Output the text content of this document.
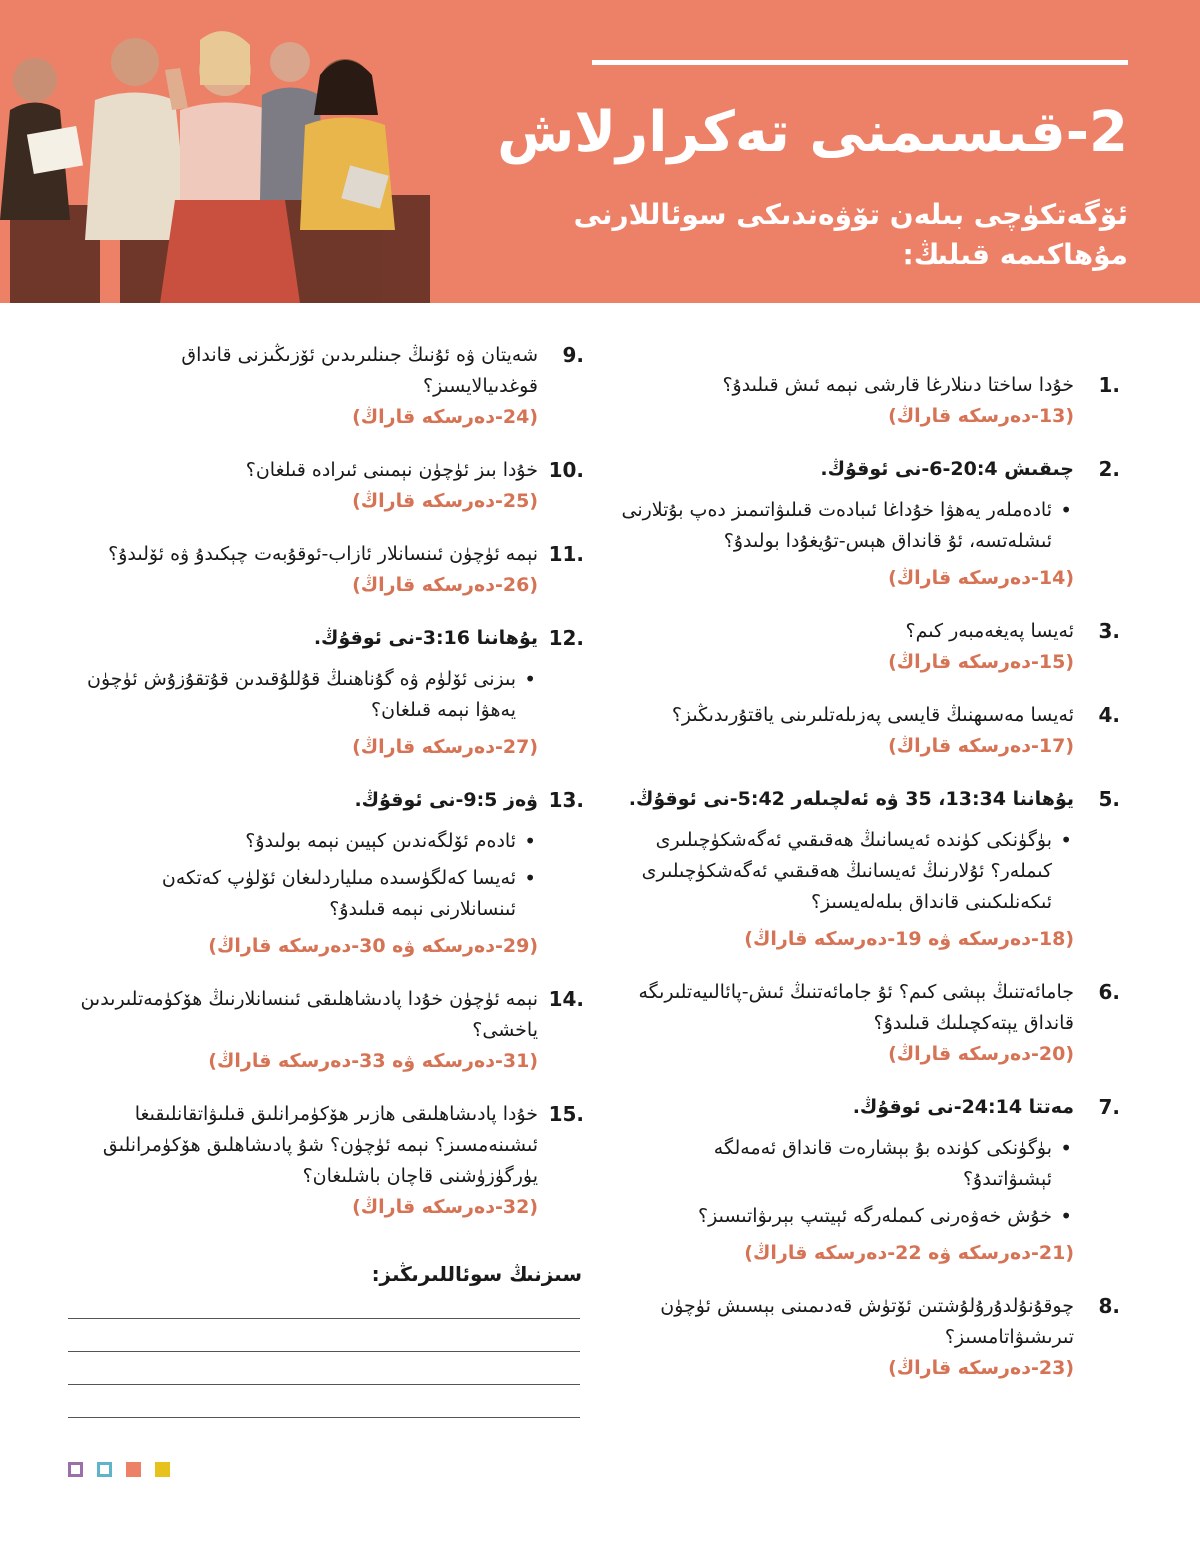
2-قىسىمنى تەكرارلاش
ئۆگەتكۈچى بىلەن تۆۋەندىكى سوئاللارنى مۇھاكىمە قىلىڭ:
1.
خۇدا ساختا دىنلارغا قارشى نېمە ئىش قىلىدۇ؟
(13-دەرسكە قاراڭ)
2.
چىقىش 20:4-6-نى ئوقۇڭ.
• ئادەملەر يەھۋا خۇداغا ئىبادەت قىلىۋاتىمىز دەپ بۇتلارنى ئىشلەتسە، ئۇ قانداق ھېس-تۇيغۇدا بولىدۇ؟
(14-دەرسكە قاراڭ)
3.
ئەيسا پەيغەمبەر كىم؟
(15-دەرسكە قاراڭ)
4.
ئەيسا مەسىھنىڭ قايسى پەزىلەتلىرىنى ياقتۇرىدىڭىز؟
(17-دەرسكە قاراڭ)
5.
يۇھاننا 13:34، 35 ۋە ئەلچىلەر 5:42-نى ئوقۇڭ.
• بۈگۈنكى كۈندە ئەيسانىڭ ھەقىقىي ئەگەشكۈچىلىرى كىملەر؟ ئۇلارنىڭ ئەيسانىڭ ھەقىقىي ئەگەشكۈچىلىرى ئىكەنلىكىنى قانداق بىلەلەيسىز؟
(18-دەرسكە ۋە 19-دەرسكە قاراڭ)
6.
جامائەتنىڭ بېشى كىم؟ ئۇ جامائەتنىڭ ئىش-پائالىيەتلىرىگە قانداق يېتەكچىلىك قىلىدۇ؟
(20-دەرسكە قاراڭ)
7.
مەتتا 24:14-نى ئوقۇڭ.
• بۈگۈنكى كۈندە بۇ بېشارەت قانداق ئەمەلگە ئېشىۋاتىدۇ؟
• خۇش خەۋەرنى كىملەرگە ئېيتىپ بېرىۋاتىسىز؟
(21-دەرسكە ۋە 22-دەرسكە قاراڭ)
8.
چوقۇنۇلدۇرۇلۇشتىن ئۆتۈش قەدىمىنى بېسىش ئۈچۈن تىرىشىۋاتامسىز؟
(23-دەرسكە قاراڭ)
9.
شەيتان ۋە ئۇنىڭ جىنلىرىدىن ئۆزىڭىزنى قانداق قوغدىيالايسىز؟
(24-دەرسكە قاراڭ)
10.
خۇدا بىز ئۈچۈن نېمىنى ئىرادە قىلغان؟
(25-دەرسكە قاراڭ)
11.
نېمە ئۈچۈن ئىنسانلار ئازاب-ئوقۇبەت چېكىدۇ ۋە ئۆلىدۇ؟
(26-دەرسكە قاراڭ)
12.
يۇھاننا 3:16-نى ئوقۇڭ.
• بىزنى ئۆلۈم ۋە گۇناھنىڭ قۇللۇقىدىن قۇتقۇزۇش ئۈچۈن يەھۋا نېمە قىلغان؟
(27-دەرسكە قاراڭ)
13.
ۋەز 9:5-نى ئوقۇڭ.
• ئادەم ئۆلگەندىن كېيىن نېمە بولىدۇ؟
• ئەيسا كەلگۈسىدە مىلياردلىغان ئۆلۈپ كەتكەن ئىنسانلارنى نېمە قىلىدۇ؟
(29-دەرسكە ۋە 30-دەرسكە قاراڭ)
14.
نېمە ئۈچۈن خۇدا پادىشاھلىقى ئىنسانلارنىڭ ھۆكۈمەتلىرىدىن ياخشى؟
(31-دەرسكە ۋە 33-دەرسكە قاراڭ)
15.
خۇدا پادىشاھلىقى ھازىر ھۆكۈمرانلىق قىلىۋاتقانلىقىغا ئىشىنەمسىز؟ نېمە ئۈچۈن؟ شۇ پادىشاھلىق ھۆكۈمرانلىق يۈرگۈزۈشنى قاچان باشلىغان؟
(32-دەرسكە قاراڭ)
سىزنىڭ سوئاللىرىڭىز:
